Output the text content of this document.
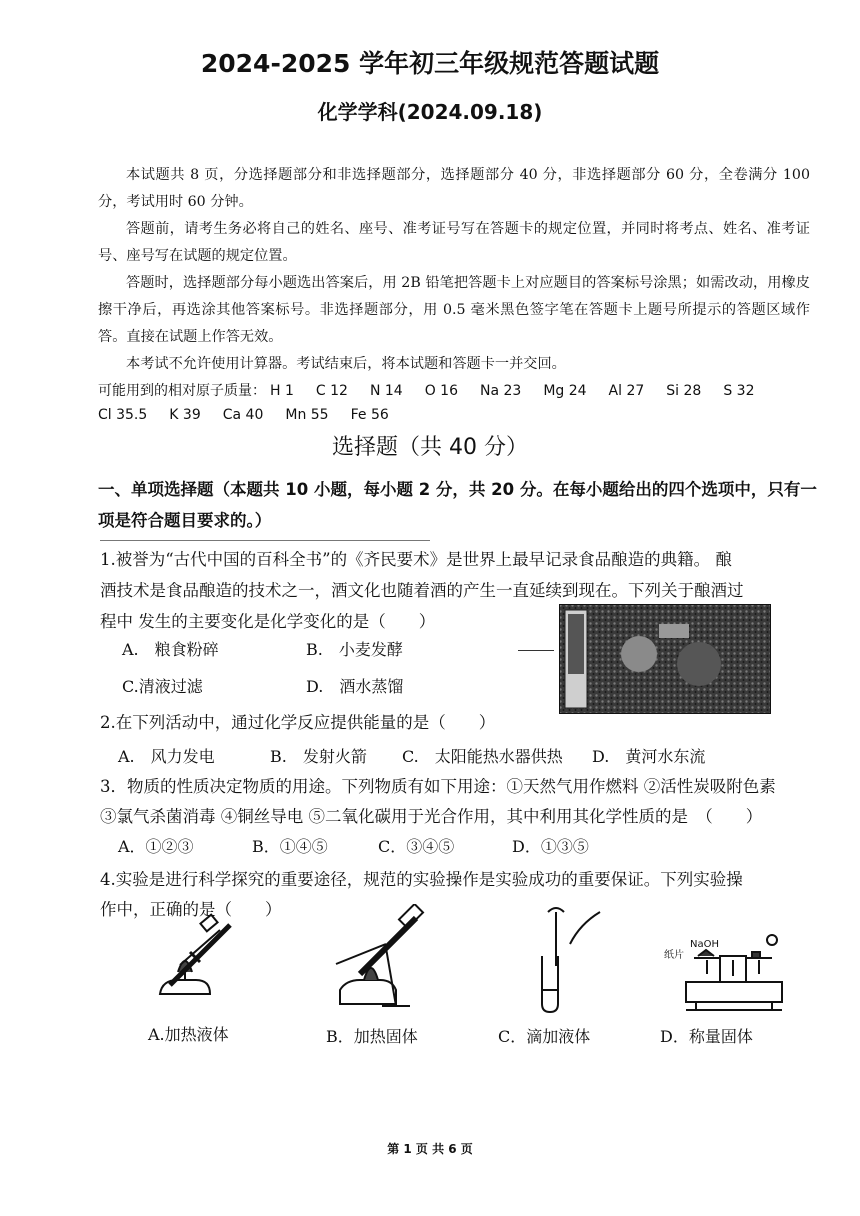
2024-2025 学年初三年级规范答题试题
化学学科(2024.09.18)

本试题共 8 页，分选择题部分和非选择题部分，选择题部分 40 分，非选择题部分 60 分，全卷满分 100 分，考试用时 60 分钟。

答题前，请考生务必将自己的姓名、座号、准考证号写在答题卡的规定位置，并同时将考点、姓名、准考证号、座号写在试题的规定位置。

答题时，选择题部分每小题选出答案后，用 2B 铅笔把答题卡上对应题目的答案标号涂黑；如需改动，用橡皮擦干净后，再选涂其他答案标号。非选择题部分，用 0.5 毫米黑色签字笔在答题卡上题号所提示的答题区域作答。直接在试题上作答无效。

本考试不允许使用计算器。考试结束后，将本试题和答题卡一并交回。

可能用到的相对原子质量： H 1 C 12 N 14 O 16 Na 23 Mg 24 Al 27 Si 28 S 32
Cl 35.5 K 39 Ca 40 Mn 55 Fe 56
选择题（共 40 分）
一、单项选择题（本题共 10 小题，每小题 2 分，共 20 分。在每小题给出的四个选项中，只有一项是符合题目要求的。）
1.被誉为“古代中国的百科全书”的《齐民要术》是世界上最早记录食品酿造的典籍。 酿
酒技术是食品酿造的技术之一，酒文化也随着酒的产生一直延续到现在。下列关于酿酒过
程中 发生的主要变化是化学变化的是（　　）
A.　粮食粉碎	B.　小麦发酵
C.清液过滤	D.　酒水蒸馏
2.在下列活动中，通过化学反应提供能量的是（　　）
A.　风力发电	B.　发射火箭 C.　太阳能热水器供热 D.　黄河水东流
3．物质的性质决定物质的用途。下列物质有如下用途：①天然气用作燃料 ②活性炭吸附色素
③氯气杀菌消毒 ④铜丝导电 ⑤二氧化碳用于光合作用，其中利用其化学性质的是　（　　）
A．①②③	B．①④⑤	C．③④⑤	D．①③⑤
4.实验是进行科学探究的重要途径，规范的实验操作是实验成功的重要保证。下列实验操
作中，正确的是（　　）
A.加热液体	B．加热固体	C．滴加液体
纸片
NaOH
D．称量固体
第 1 页 共 6 页
